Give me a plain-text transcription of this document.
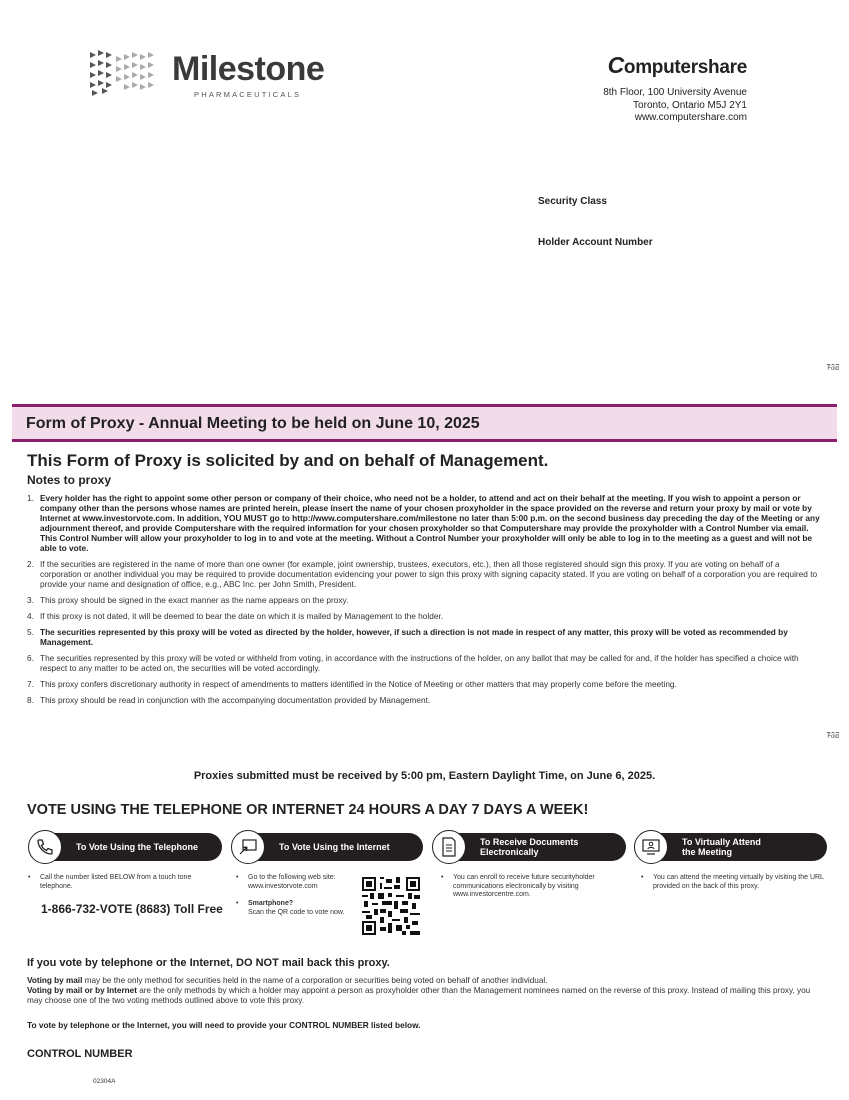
Milestone
PHARMACEUTICALS
Computershare
8th Floor, 100 University Avenue
Toronto, Ontario M5J 2Y1
www.computershare.com
Security Class
Holder Account Number
Fold
Fold
Form of Proxy - Annual Meeting to be held on June 10, 2025
This Form of Proxy is solicited by and on behalf of Management.
Notes to proxy
1. Every holder has the right to appoint some other person or company of their choice, who need not be a holder, to attend and act on their behalf at the meeting. If you wish to appoint a person or company other than the persons whose names are printed herein, please insert the name of your chosen proxyholder in the space provided on the reverse and return your proxy by mail or vote by Internet at www.investorvote.com. In addition, YOU MUST go to http://www.computershare.com/milestone no later than 5:00 p.m. on the second business day preceding the day of the Meeting or any adjournment thereof, and provide Computershare with the required information for your chosen proxyholder so that Computershare may provide the proxyholder with a Control Number via email. This Control Number will allow your proxyholder to log in to and vote at the meeting. Without a Control Number your proxyholder will only be able to log in to the meeting as a guest and will not be able to vote.
2. If the securities are registered in the name of more than one owner (for example, joint ownership, trustees, executors, etc.), then all those registered should sign this proxy. If you are voting on behalf of a corporation or another individual you may be required to provide documentation evidencing your power to sign this proxy with signing capacity stated. If you are voting on behalf of a corporation you are required to provide your name and designation of office, e.g., ABC Inc. per John Smith, President.
3. This proxy should be signed in the exact manner as the name appears on the proxy.
4. If this proxy is not dated, it will be deemed to bear the date on which it is mailed by Management to the holder.
5. The securities represented by this proxy will be voted as directed by the holder, however, if such a direction is not made in respect of any matter, this proxy will be voted as recommended by Management.
6. The securities represented by this proxy will be voted or withheld from voting, in accordance with the instructions of the holder, on any ballot that may be called for and, if the holder has specified a choice with respect to any matter to be acted on, the securities will be voted accordingly.
7. This proxy confers discretionary authority in respect of amendments to matters identified in the Notice of Meeting or other matters that may properly come before the meeting.
8. This proxy should be read in conjunction with the accompanying documentation provided by Management.
Proxies submitted must be received by 5:00 pm, Eastern Daylight Time, on June 6, 2025.
VOTE USING THE TELEPHONE OR INTERNET 24 HOURS A DAY 7 DAYS A WEEK!
To Vote Using the Telephone	To Vote Using the Internet	To Receive Documents
Electronically
To Virtually Attend
the Meeting
• Call the number listed BELOW from a touch tone telephone.
1-866-732-VOTE (8683) Toll Free
• Go to the following web site: www.investorvote.com
• Smartphone?
Scan the QR code to vote now.
• You can enroll to receive future securityholder communications electronically by visiting www.investorcentre.com.
• You can attend the meeting virtually by visiting the URL provided on the back of this proxy.
If you vote by telephone or the Internet, DO NOT mail back this proxy.
Voting by mail may be the only method for securities held in the name of a corporation or securities being voted on behalf of another individual.
Voting by mail or by Internet are the only methods by which a holder may appoint a person as proxyholder other than the Management nominees named on the reverse of this proxy. Instead of mailing this proxy, you may choose one of the two voting methods outlined above to vote this proxy.
To vote by telephone or the Internet, you will need to provide your CONTROL NUMBER listed below.
CONTROL NUMBER
02304A
